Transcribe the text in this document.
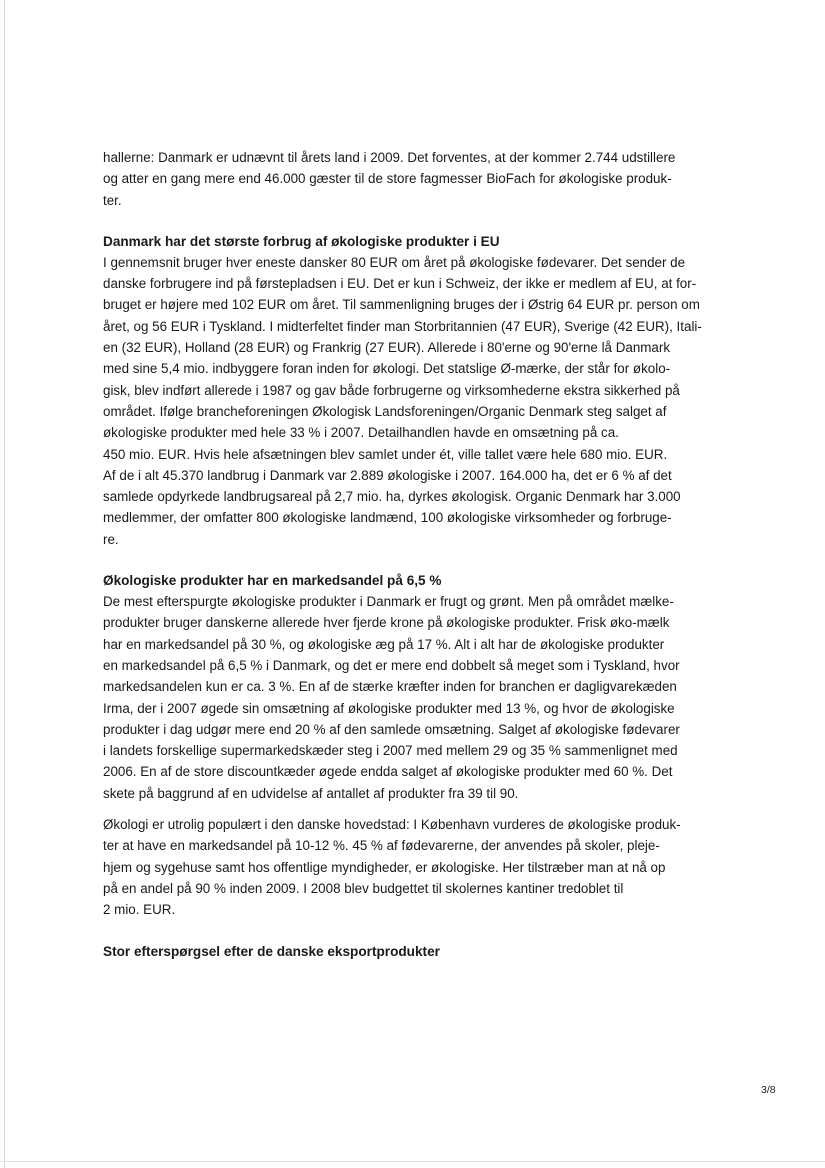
hallerne: Danmark er udnævnt til årets land i 2009. Det forventes, at der kommer 2.744 udstillere
og atter en gang mere end 46.000 gæster til de store fagmesser BioFach for økologiske produk-
ter.

Danmark har det største forbrug af økologiske produkter i EU

I gennemsnit bruger hver eneste dansker 80 EUR om året på økologiske fødevarer. Det sender de
danske forbrugere ind på førstepladsen i EU. Det er kun i Schweiz, der ikke er medlem af EU, at for-
bruget er højere med 102 EUR om året. Til sammenligning bruges der i Østrig 64 EUR pr. person om
året, og 56 EUR i Tyskland. I midterfeltet finder man Storbritannien (47 EUR), Sverige (42 EUR), Itali-
en (32 EUR), Holland (28 EUR) og Frankrig (27 EUR). Allerede i 80'erne og 90'erne lå Danmark
med sine 5,4 mio. indbyggere foran inden for økologi. Det statslige Ø-mærke, der står for økolo-
gisk, blev indført allerede i 1987 og gav både forbrugerne og virksomhederne ekstra sikkerhed på
området. Ifølge brancheforeningen Økologisk Landsforeningen/Organic Denmark steg salget af
økologiske produkter med hele 33 % i 2007. Detailhandlen havde en omsætning på ca.
450 mio. EUR. Hvis hele afsætningen blev samlet under ét, ville tallet være hele 680 mio. EUR.
Af de i alt 45.370 landbrug i Danmark var 2.889 økologiske i 2007. 164.000 ha, det er 6 % af det
samlede opdyrkede landbrugsareal på 2,7 mio. ha, dyrkes økologisk. Organic Denmark har 3.000
medlemmer, der omfatter 800 økologiske landmænd, 100 økologiske virksomheder og forbruge-
re.

Økologiske produkter har en markedsandel på 6,5 %

De mest efterspurgte økologiske produkter i Danmark er frugt og grønt. Men på området mælke-
produkter bruger danskerne allerede hver fjerde krone på økologiske produkter. Frisk øko-mælk
har en markedsandel på 30 %, og økologiske æg på 17 %. Alt i alt har de økologiske produkter
en markedsandel på 6,5 % i Danmark, og det er mere end dobbelt så meget som i Tyskland, hvor
markedsandelen kun er ca. 3 %. En af de stærke kræfter inden for branchen er dagligvarekæden
Irma, der i 2007 øgede sin omsætning af økologiske produkter med 13 %, og hvor de økologiske
produkter i dag udgør mere end 20 % af den samlede omsætning. Salget af økologiske fødevarer
i landets forskellige supermarkedskæder steg i 2007 med mellem 29 og 35 % sammenlignet med
2006. En af de store discountkæder øgede endda salget af økologiske produkter med 60 %. Det
skete på baggrund af en udvidelse af antallet af produkter fra 39 til 90.

Økologi er utrolig populært i den danske hovedstad: I København vurderes de økologiske produk-
ter at have en markedsandel på 10-12 %. 45 % af fødevarerne, der anvendes på skoler, pleje-
hjem og sygehuse samt hos offentlige myndigheder, er økologiske. Her tilstræber man at nå op
på en andel på 90 % inden 2009. I 2008 blev budgettet til skolernes kantiner tredoblet til
2 mio. EUR.

Stor efterspørgsel efter de danske eksportprodukter
3/8
